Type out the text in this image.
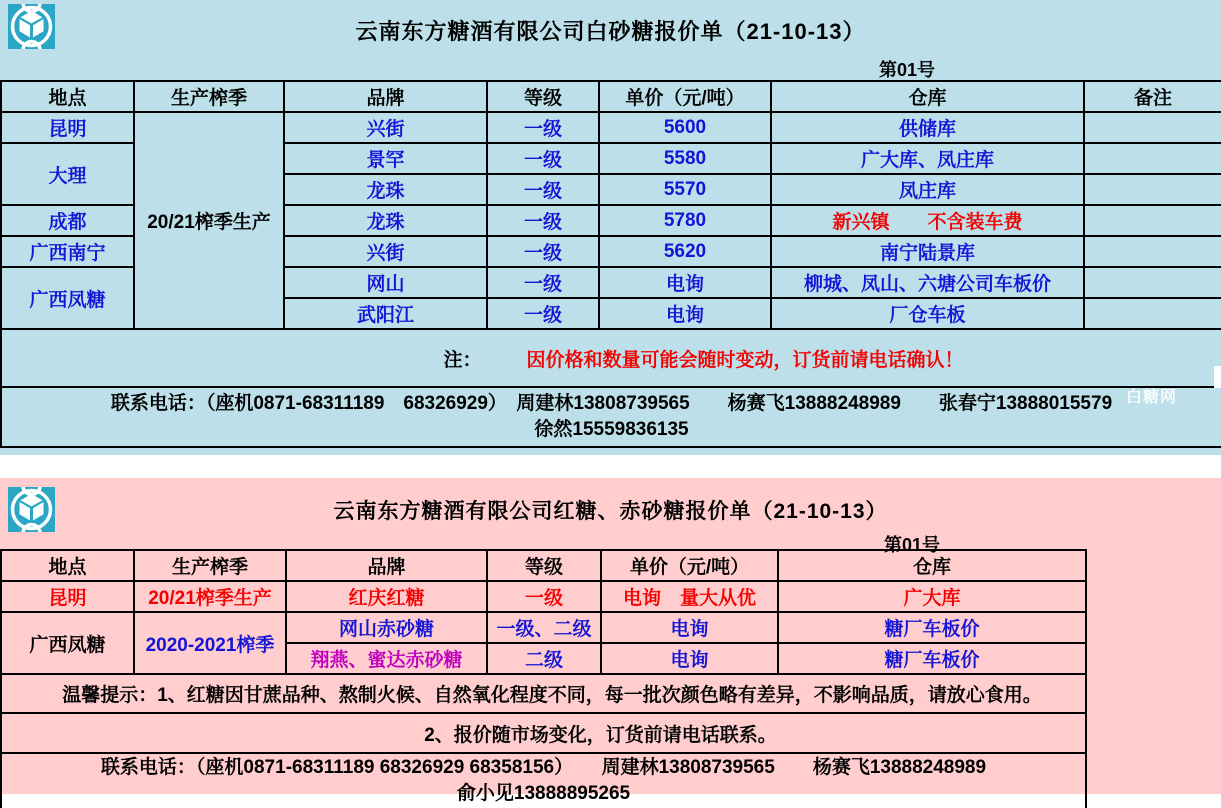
云南东方糖酒有限公司白砂糖报价单（21-10-13）
第01号
地点	生产榨季	品牌	等级	单价（元/吨）	仓库	备注
昆明	20/21榨季生产	兴街	一级	5600	供储库	
大理		景罕	一级	5580	广大库、凤庄库	
		龙珠	一级	5570	凤庄库	
成都		龙珠	一级	5780	新兴镇　　不含装车费	
广西南宁		兴街	一级	5620	南宁陆景库	
广西凤糖		网山	一级	电询	柳城、凤山、六塘公司车板价	
		武阳江	一级	电询	厂仓车板	
注： 因价格和数量可能会随时变动，订货前请电话确认！						

联系电话：（座机0871-68311189　68326929）　周建林13808739565　　杨赛飞13888248989　　张春宁13888015579
徐然15559836135						
白糖网
云南东方糖酒有限公司红糖、赤砂糖报价单（21-10-13）
第01号
地点	生产榨季	品牌	等级	单价（元/吨）	仓库
昆明	20/21榨季生产	红庆红糖	一级	电询　量大从优	广大库
广西凤糖	2020-2021榨季	网山赤砂糖	一级、二级	电询	糖厂车板价
		翔燕、蜜达赤砂糖	二级	电询	糖厂车板价
温馨提示：1、红糖因甘蔗品种、熬制火候、自然氧化程度不同，每一批次颜色略有差异，不影响品质，请放心食用。					
2、报价随市场变化，订货前请电话联系。					

联系电话：（座机0871-68311189 68326929 68358156）　　周建林13808739565　　杨赛飞13888248989
俞小见13888895265					
